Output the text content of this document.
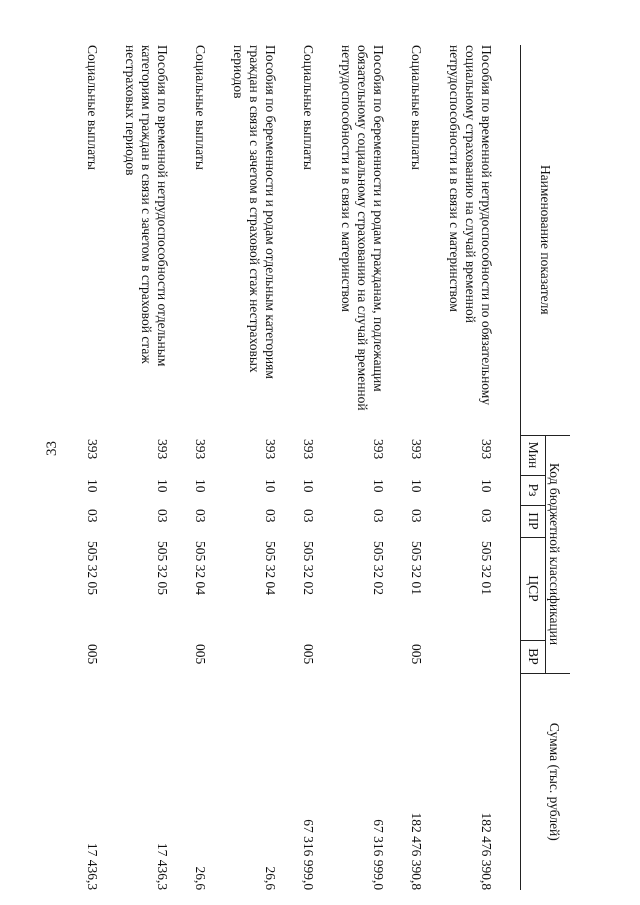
33
Наименование показателя	Код бюджетной классификации					Сумма (тыс. рублей)
	Мин	Рз	ПР	ЦСР	ВР	

Пособия по временной нетрудоспособности по обязательному социальному страхованию на случай временной нетрудоспособности и в связи с материнством	393	10	03	505 32 01		182 476 390,8
Социальные выплаты	393	10	03	505 32 01	005	182 476 390,8
Пособия по беременности и родам гражданам, подлежащим обязательному социальному страхованию на случай временной нетрудоспособности и в связи с материнством	393	10	03	505 32 02		67 316 999,0
Социальные выплаты	393	10	03	505 32 02	005	67 316 999,0
Пособия по беременности и родам отдельным категориям граждан в связи с зачетом в страховой стаж нестраховых периодов	393	10	03	505 32 04		26,6
Социальные выплаты	393	10	03	505 32 04	005	26,6
Пособия по временной нетрудоспособности отдельным категориям граждан в связи с зачетом в страховой стаж нестраховых периодов	393	10	03	505 32 05		17 436,3
Социальные выплаты	393	10	03	505 32 05	005	17 436,3
